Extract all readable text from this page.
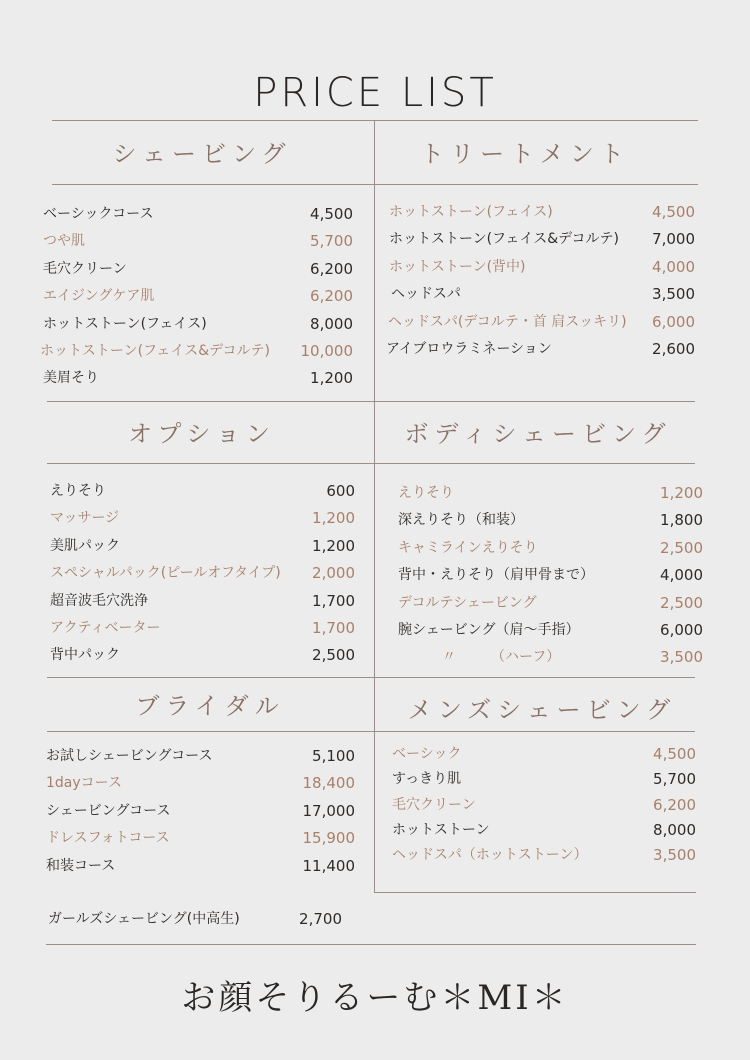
PRICE LIST
シェービング	トリートメント
オプション	ボディシェービング
ブライダル	メンズシェービング
ベーシックコース	4,500
つや肌	5,700
毛穴クリーン	6,200
エイジングケア肌	6,200
ホットストーン(フェイス)	8,000
ホットストーン(フェイス&デコルテ)	10,000
美眉そり	1,200
ホットストーン(フェイス)	4,500
ホットストーン(フェイス&デコルテ)	7,000
ホットストーン(背中)	4,000
ヘッドスパ	3,500
ヘッドスパ(デコルテ・首 肩スッキリ)	6,000
アイブロウラミネーション	2,600
えりそり	600
マッサージ	1,200
美肌パック	1,200
スペシャルパック(ピールオフタイプ)	2,000
超音波毛穴洗浄	1,700
アクティベーター	1,700
背中パック	2,500
えりそり	1,200
深えりそり（和装）	1,800
キャミラインえりそり	2,500
背中・えりそり（肩甲骨まで）	4,000
デコルテシェービング	2,500
腕シェービング（肩～手指）	6,000
〃　　　（ハーフ）	3,500
お試しシェービングコース	5,100
1dayコース	18,400
シェービングコース	17,000
ドレスフォトコース	15,900
和装コース	11,400
ベーシック	4,500
すっきり肌	5,700
毛穴クリーン	6,200
ホットストーン	8,000
ヘッドスパ（ホットストーン）	3,500
ガールズシェービング(中高生)	2,700
お顔そりるーむ＊MI＊
